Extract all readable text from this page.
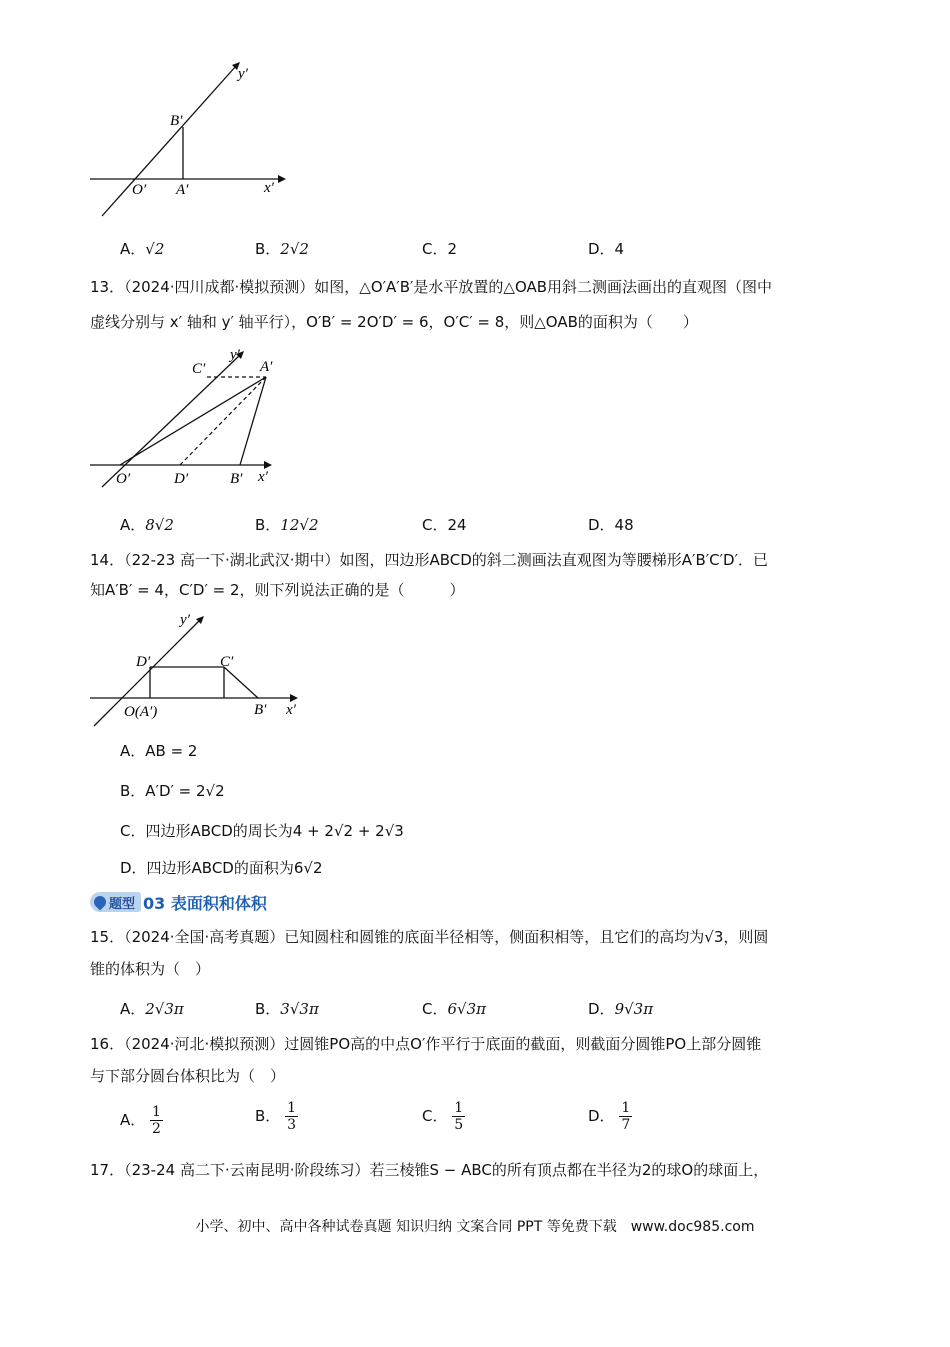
y′
B′
O′ A′	x′
A．√2	B．2√2	C．2	D．4
13．（2024·四川成都·模拟预测）如图，△O′A′B′是水平放置的△OAB用斜二测画法画出的直观图（图中
虚线分别与 x′ 轴和 y′ 轴平行），O′B′ = 2O′D′ = 6，O′C′ = 8，则△OAB的面积为（　　）
C′
y′
A′
O′	D′	B′ x′
A．8√2	B．12√2	C．24	D．48
14．（22-23 高一下·湖北武汉·期中）如图，四边形ABCD的斜二测画法直观图为等腰梯形A′B′C′D′．已
知A′B′ = 4，C′D′ = 2，则下列说法正确的是（　　　）
y′
D′	C′
O(A′)	B′ x′
A．AB = 2
B．A′D′ = 2√2
C．四边形ABCD的周长为4 + 2√2 + 2√3
D．四边形ABCD的面积为6√2
题型 03 表面积和体积
15．（2024·全国·高考真题）已知圆柱和圆锥的底面半径相等，侧面积相等，且它们的高均为√3，则圆
锥的体积为（　）
A．2√3π	B．3√3π	C．6√3π	D．9√3π
16．（2024·河北·模拟预测）过圆锥PO高的中点O′作平行于底面的截面，则截面分圆锥PO上部分圆锥
与下部分圆台体积比为（　）
A． $\frac{1}{2}$	B． $\frac{1}{3}$	C． $\frac{1}{5}$	D． $\frac{1}{7}$
17．（23-24 高二下·云南昆明·阶段练习）若三棱锥S − ABC的所有顶点都在半径为2的球O的球面上，
小学、初中、高中各种试卷真题 知识归纳 文案合同 PPT 等免费下载　www.doc985.com
